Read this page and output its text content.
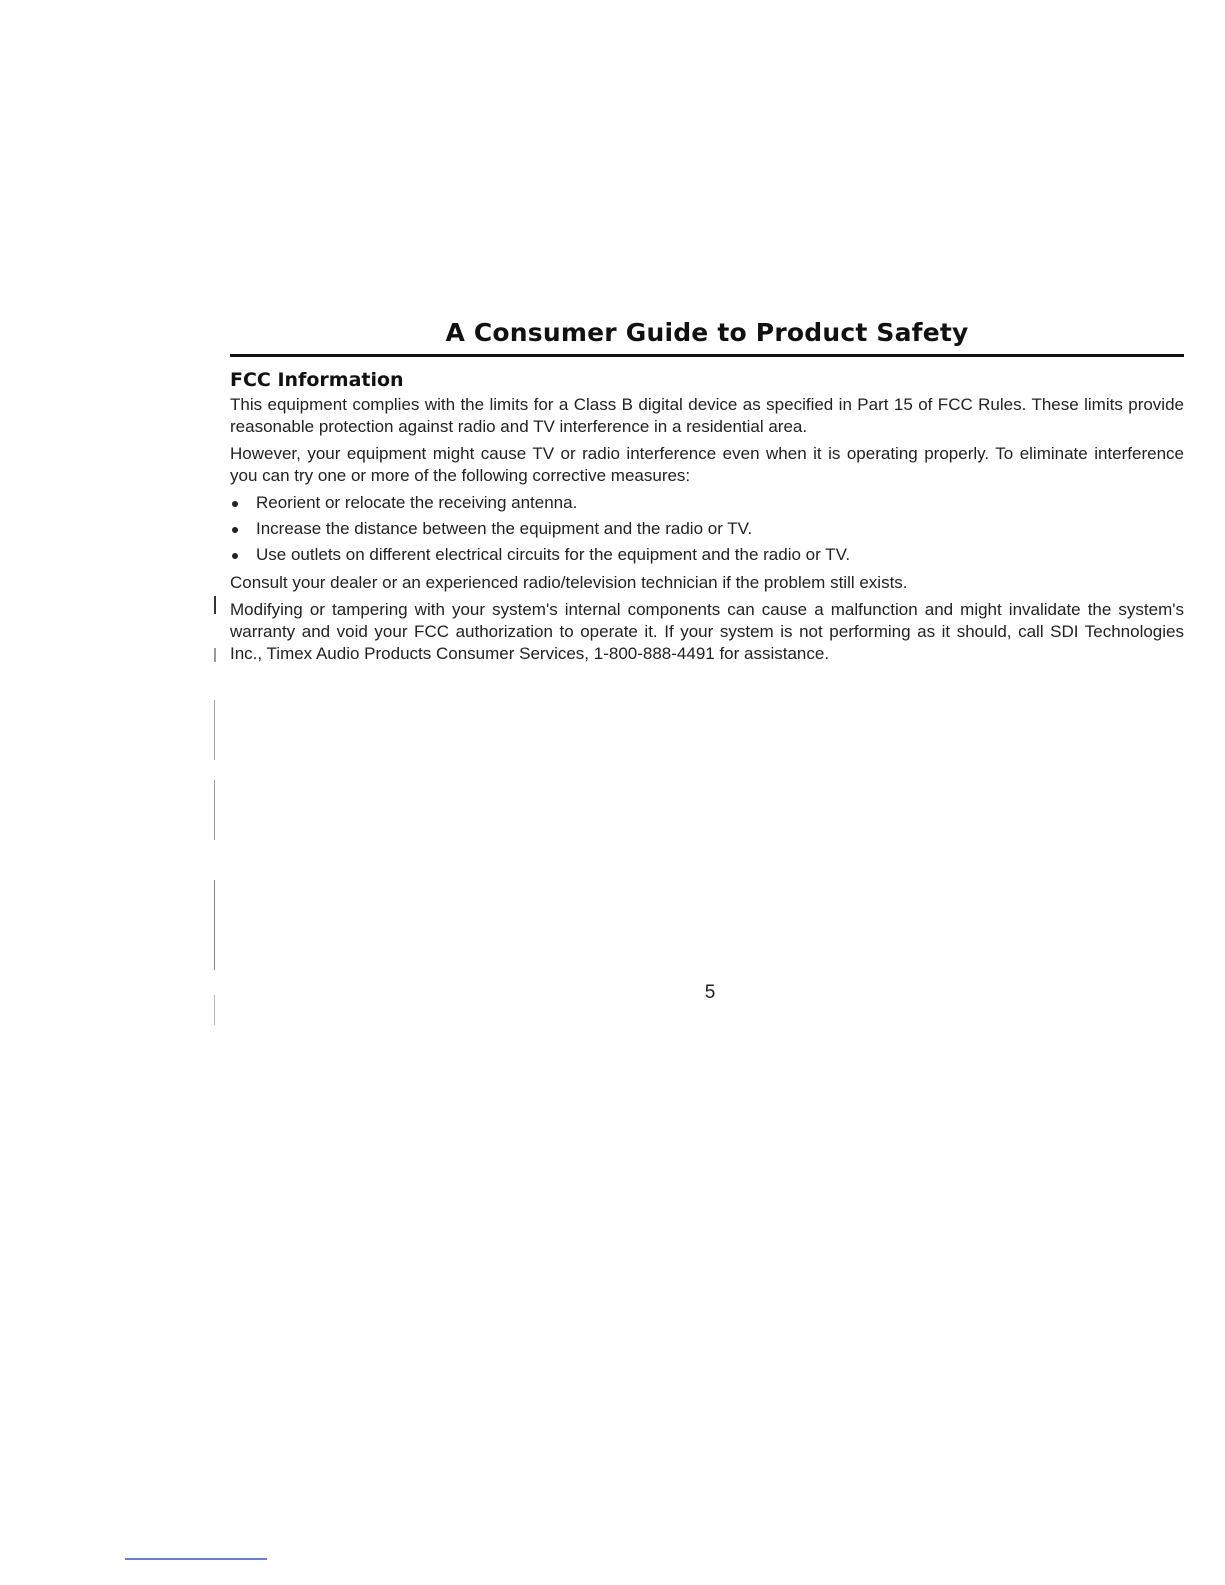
A Consumer Guide to Product Safety
FCC Information

This equipment complies with the limits for a Class B digital device as specified in Part 15 of FCC Rules. These limits provide reasonable protection against radio and TV interference in a residential area.

However, your equipment might cause TV or radio interference even when it is operating properly. To eliminate interference you can try one or more of the following corrective measures:

Reorient or relocate the receiving antenna.
Increase the distance between the equipment and the radio or TV.
Use outlets on different electrical circuits for the equipment and the radio or TV.

Consult your dealer or an experienced radio/television technician if the problem still exists.

Modifying or tampering with your system's internal components can cause a malfunction and might invalidate the system's warranty and void your FCC authorization to operate it. If your system is not performing as it should, call SDI Technologies Inc., Timex Audio Products Consumer Services, 1-800-888-4491 for assistance.

5
